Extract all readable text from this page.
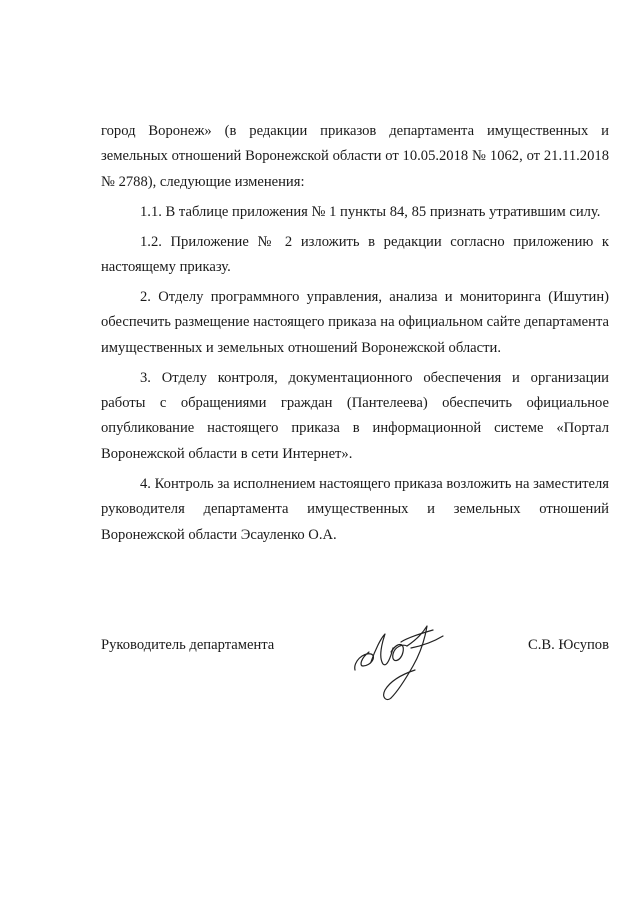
город Воронеж» (в редакции приказов департамента имущественных и земельных отношений Воронежской области от 10.05.2018 № 1062, от 21.11.2018 № 2788), следующие изменения:

1.1. В таблице приложения № 1 пункты 84, 85 признать утратившим силу.

1.2. Приложение № 2 изложить в редакции согласно приложению к настоящему приказу.

2. Отделу программного управления, анализа и мониторинга (Ишутин) обеспечить размещение настоящего приказа на официальном сайте департамента имущественных и земельных отношений Воронежской области.

3. Отделу контроля, документационного обеспечения и организации работы с обращениями граждан (Пантелеева) обеспечить официальное опубликование настоящего приказа в информационной системе «Портал Воронежской области в сети Интернет».

4. Контроль за исполнением настоящего приказа возложить на заместителя руководителя департамента имущественных и земельных отношений Воронежской области Эсауленко О.А.

Руководитель департамента	С.В. Юсупов
